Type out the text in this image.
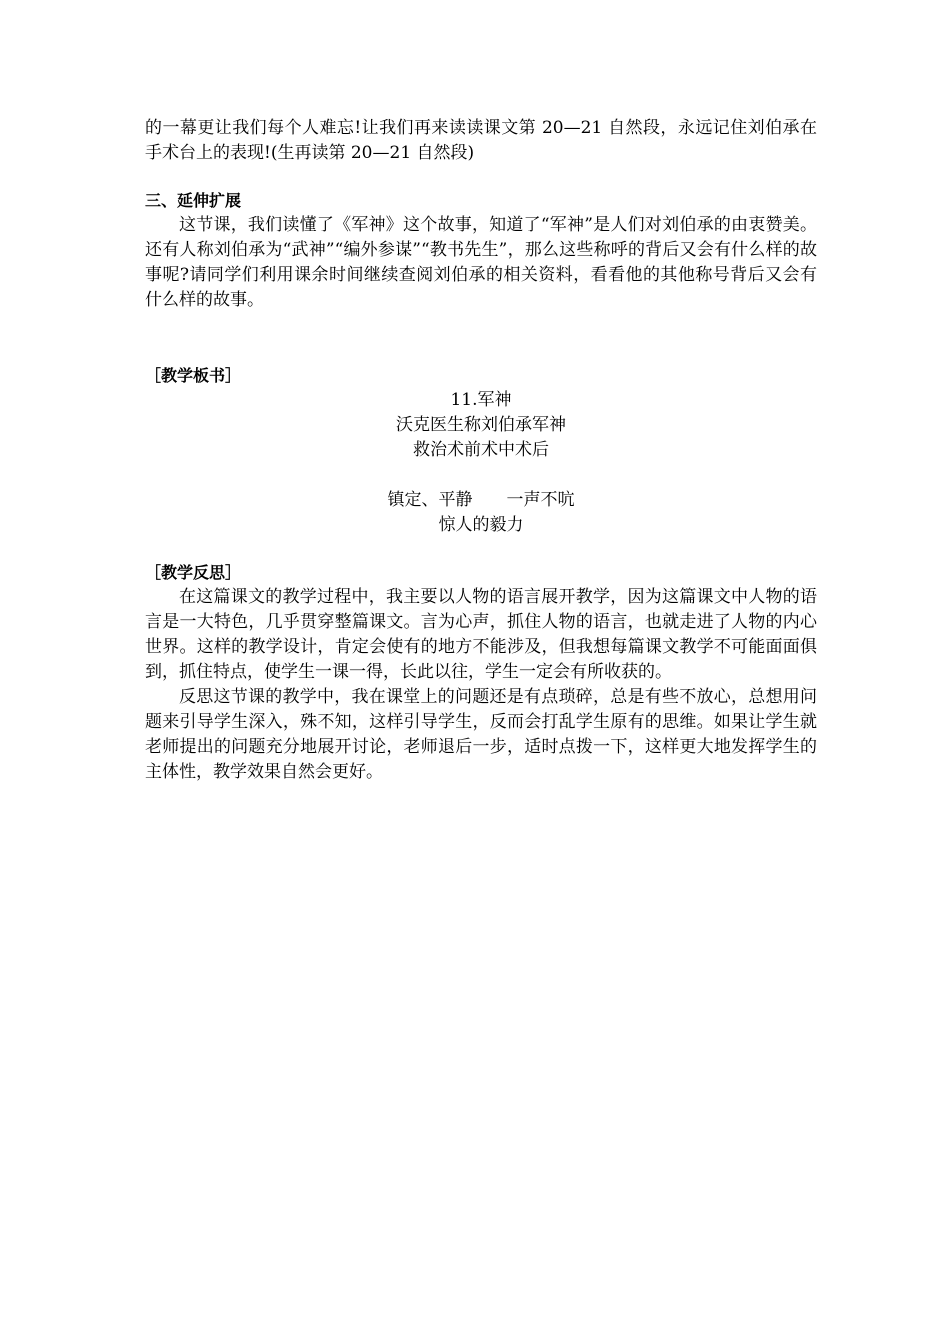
的一幕更让我们每个人难忘!让我们再来读读课文第 20—21 自然段，永远记住刘伯承在手术台上的表现!(生再读第 20—21 自然段)

三、延伸扩展

这节课，我们读懂了《军神》这个故事，知道了“军神”是人们对刘伯承的由衷赞美。还有人称刘伯承为“武神”“编外参谋”“教书先生”，那么这些称呼的背后又会有什么样的故事呢?请同学们利用课余时间继续查阅刘伯承的相关资料，看看他的其他称号背后又会有什么样的故事。

［教学板书］

11.军神
沃克医生称刘伯承军神
救治术前术中术后
镇定、平静 一声不吭
惊人的毅力

［教学反思］

在这篇课文的教学过程中，我主要以人物的语言展开教学，因为这篇课文中人物的语言是一大特色，几乎贯穿整篇课文。言为心声，抓住人物的语言，也就走进了人物的内心世界。这样的教学设计，肯定会使有的地方不能涉及，但我想每篇课文教学不可能面面俱到，抓住特点，使学生一课一得，长此以往，学生一定会有所收获的。

反思这节课的教学中，我在课堂上的问题还是有点琐碎，总是有些不放心，总想用问题来引导学生深入，殊不知，这样引导学生，反而会打乱学生原有的思维。如果让学生就老师提出的问题充分地展开讨论，老师退后一步，适时点拨一下，这样更大地发挥学生的主体性，教学效果自然会更好。
